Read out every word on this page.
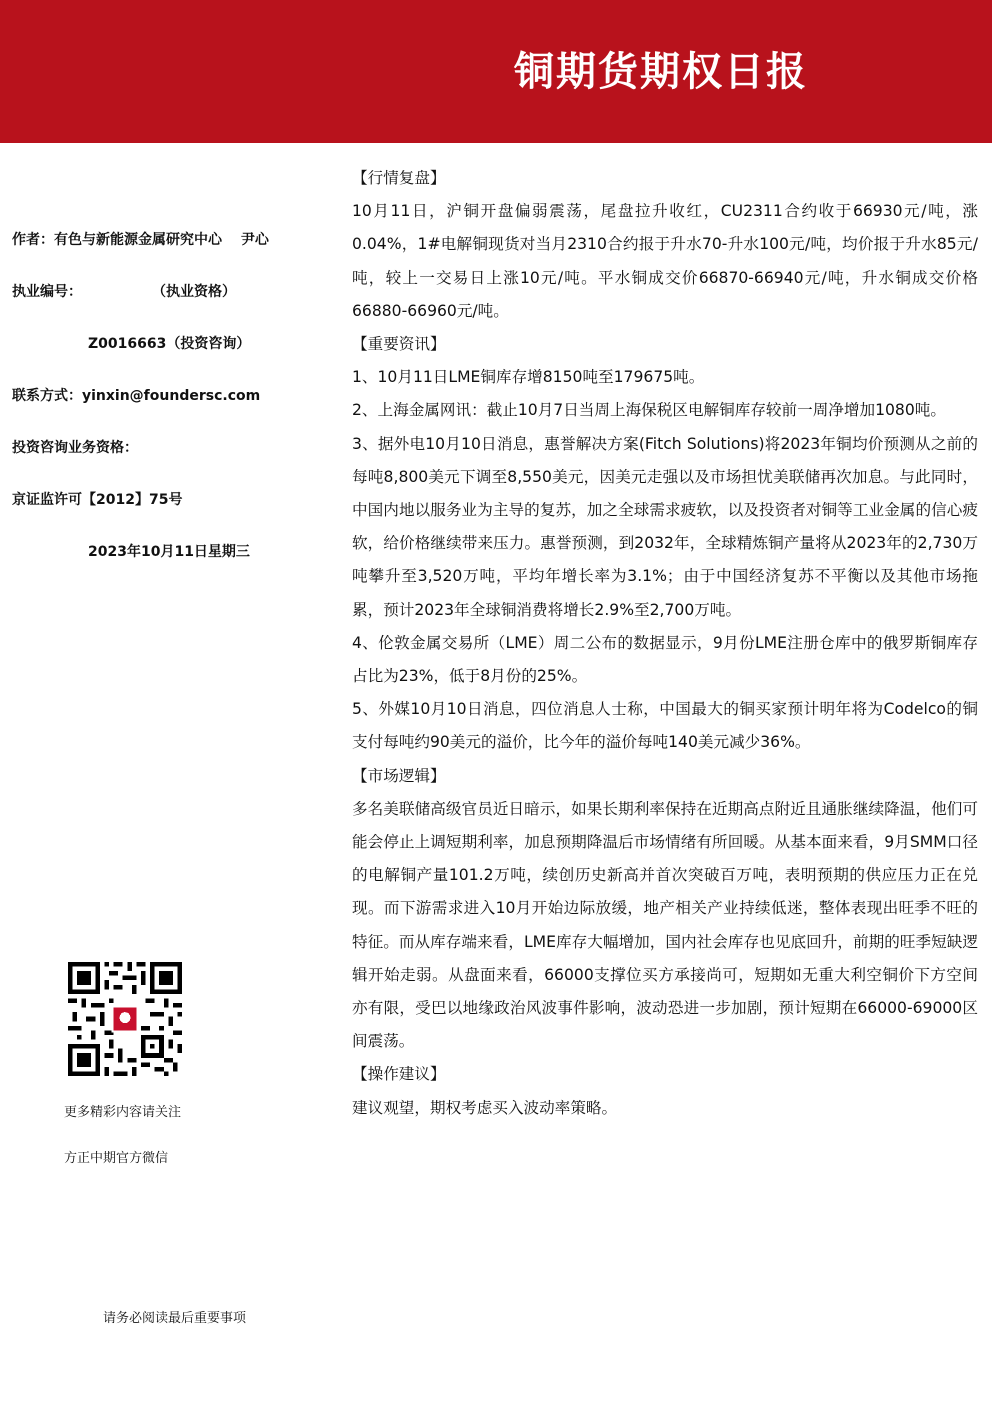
铜期货期权日报
作者：有色与新能源金属研究中心　 尹心
执业编号：　　　　　　（执业资格）
Z0016663（投资咨询）
联系方式：yinxin@foundersc.com
投资咨询业务资格：
京证监许可【2012】75号
2023年10月11日星期三
更多精彩内容请关注
方正中期官方微信
【行情复盘】
10月11日，沪铜开盘偏弱震荡，尾盘拉升收红，CU2311合约收于66930元/吨，涨0.04%，1#电解铜现货对当月2310合约报于升水70-升水100元/吨，均价报于升水85元/吨，较上一交易日上涨10元/吨。平水铜成交价66870-66940元/吨，升水铜成交价格66880-66960元/吨。
【重要资讯】
1、10月11日LME铜库存增8150吨至179675吨。
2、上海金属网讯：截止10月7日当周上海保税区电解铜库存较前一周净增加1080吨。
3、据外电10月10日消息，惠誉解决方案(Fitch Solutions)将2023年铜均价预测从之前的每吨8,800美元下调至8,550美元，因美元走强以及市场担忧美联储再次加息。与此同时，中国内地以服务业为主导的复苏，加之全球需求疲软，以及投资者对铜等工业金属的信心疲软，给价格继续带来压力。惠誉预测，到2032年，全球精炼铜产量将从2023年的2,730万吨攀升至3,520万吨，平均年增长率为3.1%；由于中国经济复苏不平衡以及其他市场拖累，预计2023年全球铜消费将增长2.9%至2,700万吨。
4、伦敦金属交易所（LME）周二公布的数据显示，9月份LME注册仓库中的俄罗斯铜库存占比为23%，低于8月份的25%。
5、外媒10月10日消息，四位消息人士称，中国最大的铜买家预计明年将为Codelco的铜支付每吨约90美元的溢价，比今年的溢价每吨140美元减少36%。
【市场逻辑】
多名美联储高级官员近日暗示，如果长期利率保持在近期高点附近且通胀继续降温，他们可能会停止上调短期利率，加息预期降温后市场情绪有所回暖。从基本面来看，9月SMM口径的电解铜产量101.2万吨，续创历史新高并首次突破百万吨，表明预期的供应压力正在兑现。而下游需求进入10月开始边际放缓，地产相关产业持续低迷，整体表现出旺季不旺的特征。而从库存端来看，LME库存大幅增加，国内社会库存也见底回升，前期的旺季短缺逻辑开始走弱。从盘面来看，66000支撑位买方承接尚可，短期如无重大利空铜价下方空间亦有限，受巴以地缘政治风波事件影响，波动恐进一步加剧，预计短期在66000-69000区间震荡。
【操作建议】
建议观望，期权考虑买入波动率策略。
请务必阅读最后重要事项
